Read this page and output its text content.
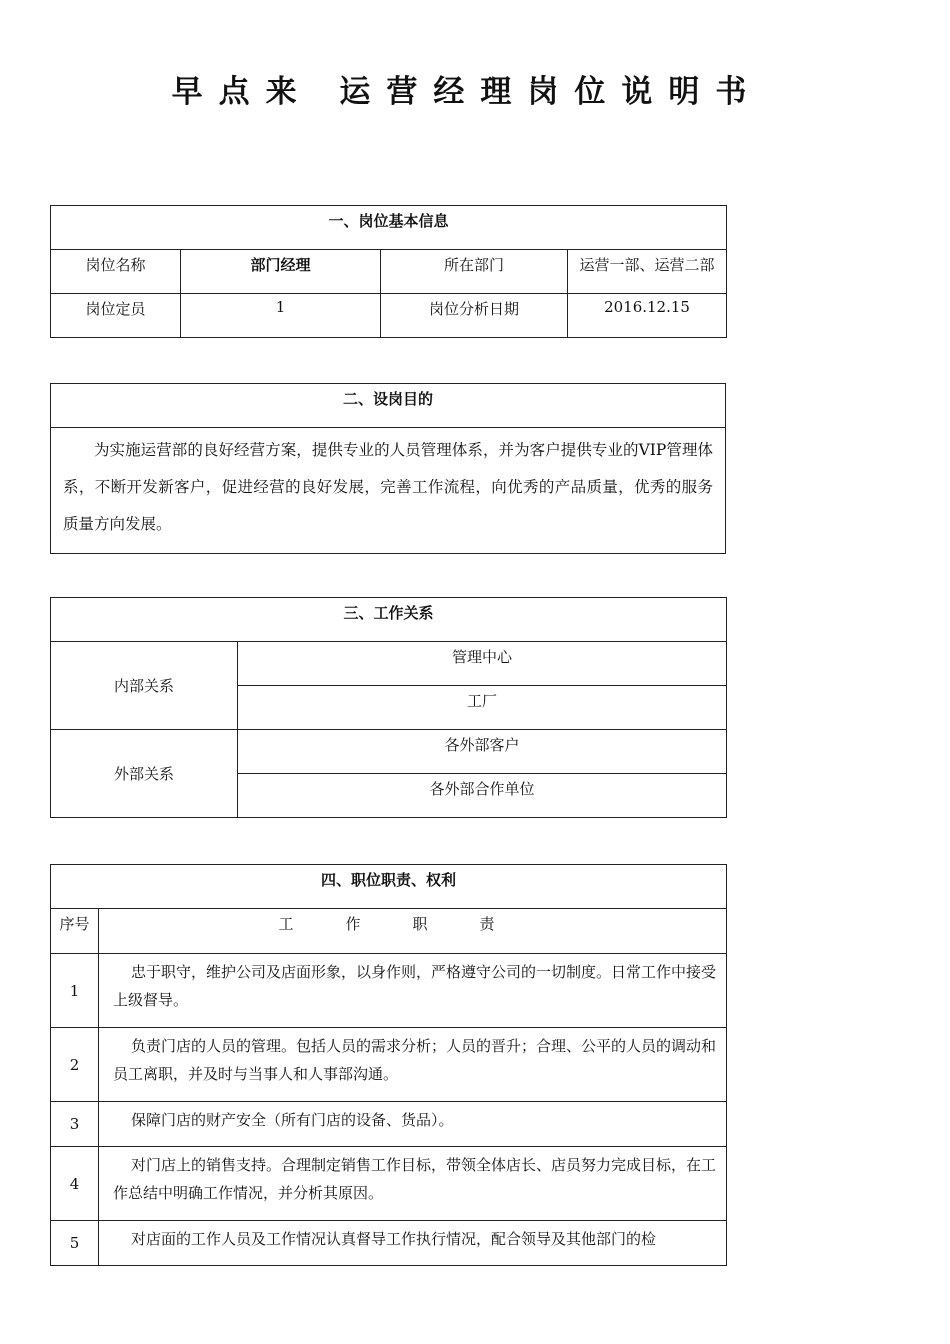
早点来 运营经理岗位说明书
一、岗位基本信息			
岗位名称	部门经理	所在部门	运营一部、运营二部
岗位定员	1	岗位分析日期	2016.12.15
二、设岗目的
为实施运营部的良好经营方案，提供专业的人员管理体系，并为客户提供专业的VIP管理体系，不断开发新客户，促进经营的良好发展，完善工作流程，向优秀的产品质量，优秀的服务质量方向发展。
三、工作关系	
内部关系	管理中心
	工厂
外部关系	各外部客户
	各外部合作单位
四、职位职责、权利	
序号	工作职责
1	忠于职守，维护公司及店面形象，以身作则，严格遵守公司的一切制度。日常工作中接受上级督导。
2	负责门店的人员的管理。包括人员的需求分析；人员的晋升；合理、公平的人员的调动和员工离职，并及时与当事人和人事部沟通。
3	保障门店的财产安全（所有门店的设备、货品）。
4	对门店上的销售支持。合理制定销售工作目标，带领全体店长、店员努力完成目标，在工作总结中明确工作情况，并分析其原因。
5	对店面的工作人员及工作情况认真督导工作执行情况，配合领导及其他部门的检
